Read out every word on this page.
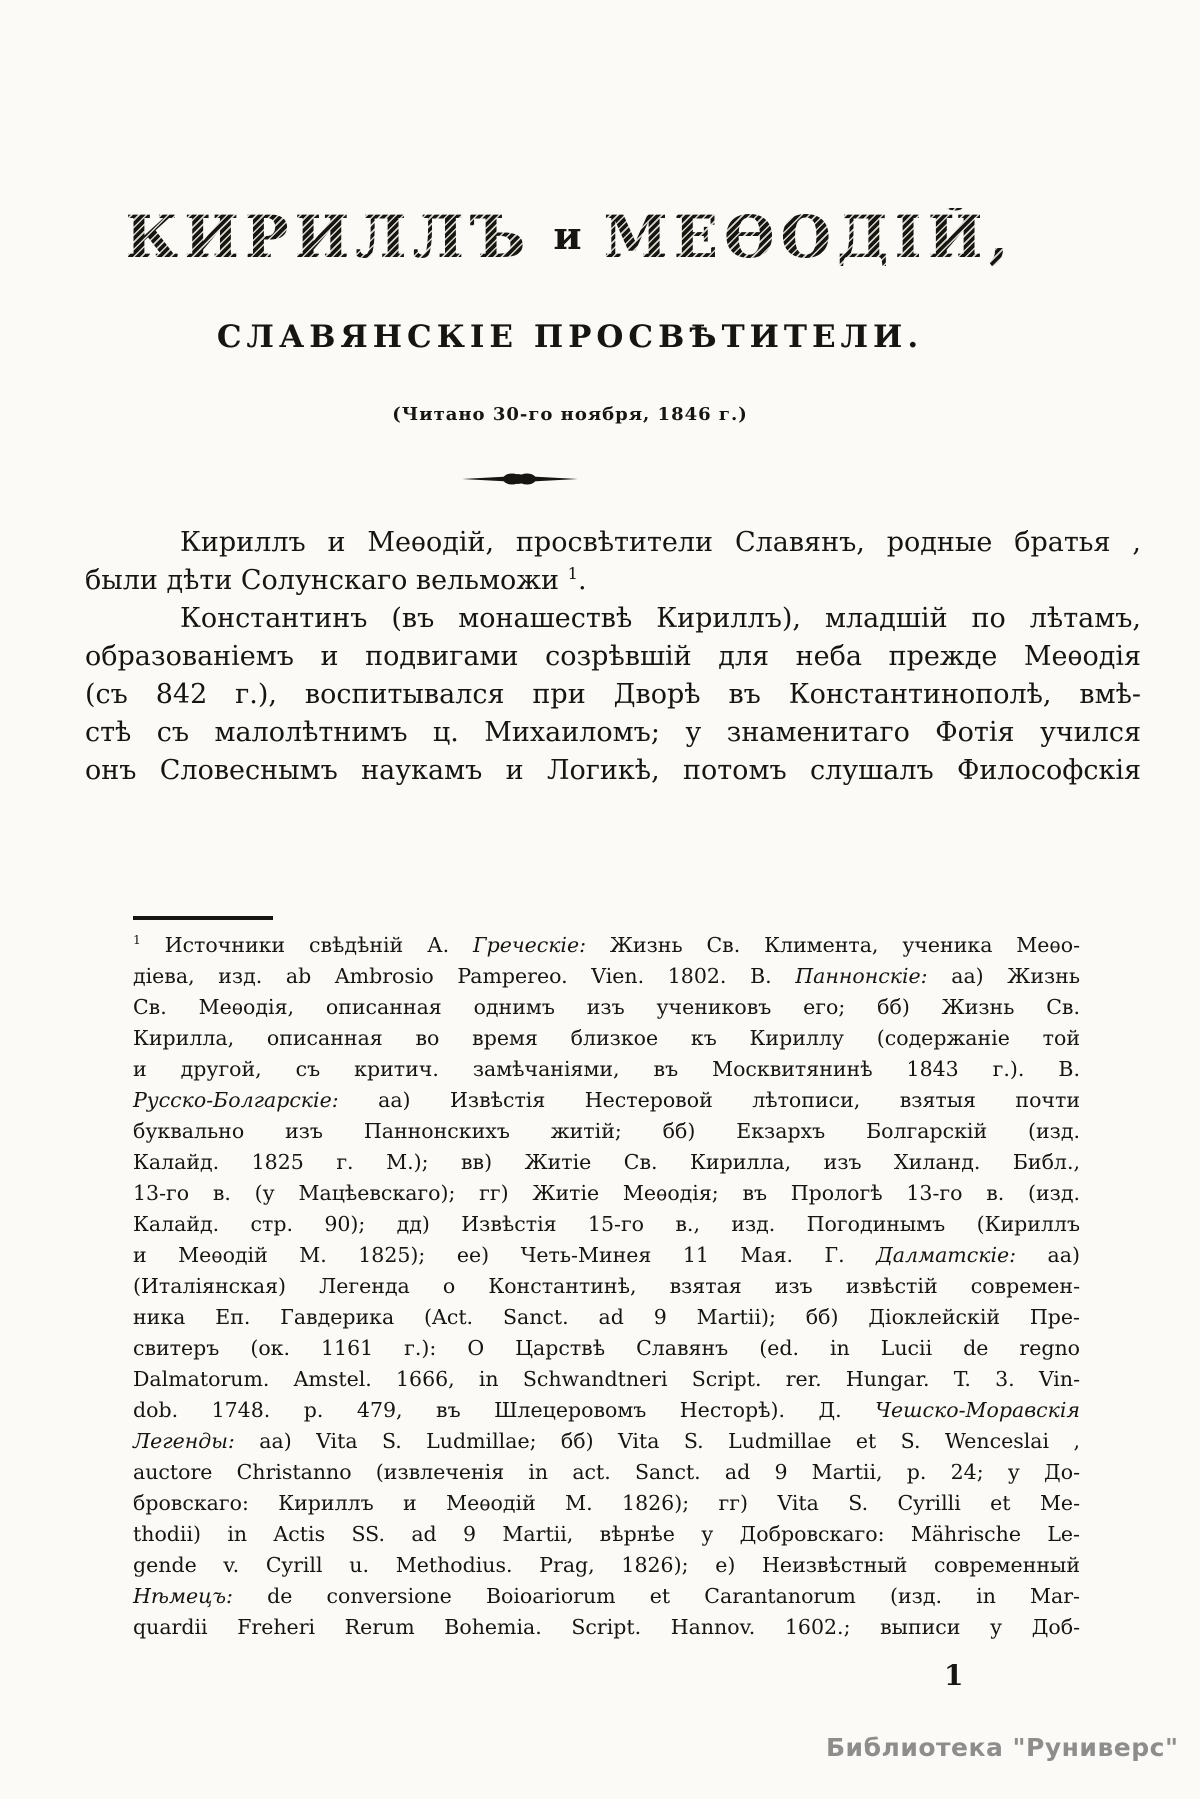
КИРИЛЛЪ и МЕѲОДІЙ,
СЛАВЯНСКІЕ ПРОСВѢТИТЕЛИ.
(Читано 30-го ноября, 1846 г.)
Кириллъ и Меѳодій, просвѣтители Славянъ, родные братья ,
были дѣти Солунскаго вельможи $^1$.
Константинъ (въ монашествѣ Кириллъ), младшій по лѣтамъ,
образованіемъ и подвигами созрѣвшій для неба прежде Меѳодія
(съ 842 г.), воспитывался при Дворѣ въ Константинополѣ, вмѣ-
стѣ съ малолѣтнимъ ц. Михаиломъ; у знаменитаго Фотія учился
онъ Словеснымъ наукамъ и Логикѣ, потомъ слушалъ Философскія
$^1$ Источники свѣдѣній А. Греческіе: Жизнь Св. Климента, ученика Меѳо-
діева, изд. ab Ambrosio Pampereo. Vien. 1802. В. Паннонскіе: аа) Жизнь
Св. Меѳодія, описанная однимъ изъ учениковъ его; бб) Жизнь Св.
Кирилла, описанная во время близкое къ Кириллу (содержаніе той
и другой, съ критич. замѣчаніями, въ Москвитянинѣ 1843 г.). В.
Русско-Болгарскіе: аа) Извѣстія Нестеровой лѣтописи, взятыя почти
буквально изъ Паннонскихъ житій; бб) Екзархъ Болгарскій (изд.
Калайд. 1825 г. М.); вв) Житіе Св. Кирилла, изъ Хиланд. Библ.,
13-го в. (у Мацѣевскаго); гг) Житіе Меѳодія; въ Прологѣ 13-го в. (изд.
Калайд. стр. 90); дд) Извѣстія 15-го в., изд. Погодинымъ (Кириллъ
и Меѳодій М. 1825); ее) Четь-Минея 11 Мая. Г. Далматскіе: аа)
(Италіянская) Легенда о Константинѣ, взятая изъ извѣстій современ-
ника Еп. Гавдерика (Act. Sanct. ad 9 Martii); бб) Діоклейскій Пре-
свитеръ (ок. 1161 г.): О Царствѣ Славянъ (ed. in Lucii de regno
Dalmatorum. Amstel. 1666, in Schwandtneri Script. rer. Hungar. T. 3. Vin-
dob. 1748. p. 479, въ Шлецеровомъ Несторѣ). Д. Чешско-Моравскія
Легенды: аа) Vita S. Ludmillae; бб) Vita S. Ludmillae et S. Wenceslai ,
auctore Christanno (извлеченія in act. Sanct. ad 9 Martii, p. 24; у До-
бровскаго: Кириллъ и Меѳодій М. 1826); гг) Vita S. Cyrilli et Me-
thodii) in Actis SS. ad 9 Martii, вѣрнѣе у Добровскаго: Mährische Le-
gende v. Cyrill u. Methodius. Prag, 1826); е) Неизвѣстный современный
Нѣмецъ: de conversione Boioariorum et Carantanorum (изд. in Mar-
quardii Freheri Rerum Bohemia. Script. Hannov. 1602.; выписи у Доб-
1
Библиотека "Руниверс"
